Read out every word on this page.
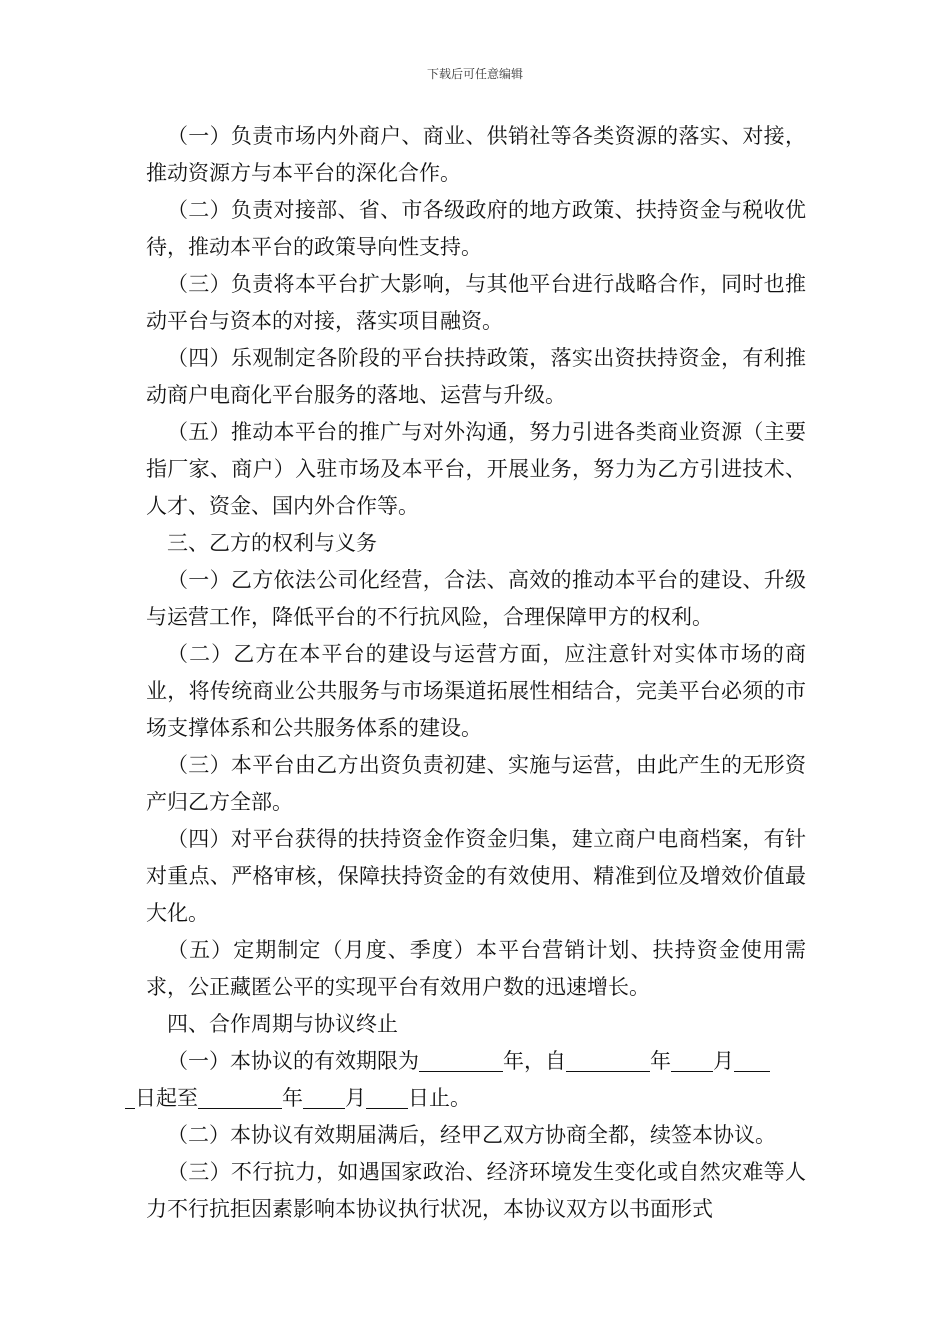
下载后可任意编辑

（一）负责市场内外商户、商业、供销社等各类资源的落实、对接，推动资源方与本平台的深化合作。

（二）负责对接部、省、市各级政府的地方政策、扶持资金与税收优待，推动本平台的政策导向性支持。

（三）负责将本平台扩大影响，与其他平台进行战略合作，同时也推动平台与资本的对接，落实项目融资。

（四）乐观制定各阶段的平台扶持政策，落实出资扶持资金，有利推动商户电商化平台服务的落地、运营与升级。

（五）推动本平台的推广与对外沟通，努力引进各类商业资源（主要指厂家、商户）入驻市场及本平台，开展业务，努力为乙方引进技术、人才、资金、国内外合作等。

三、乙方的权利与义务

（一）乙方依法公司化经营，合法、高效的推动本平台的建设、升级与运营工作，降低平台的不行抗风险，合理保障甲方的权利。

（二）乙方在本平台的建设与运营方面，应注意针对实体市场的商业，将传统商业公共服务与市场渠道拓展性相结合，完美平台必须的市场支撑体系和公共服务体系的建设。

（三）本平台由乙方出资负责初建、实施与运营，由此产生的无形资产归乙方全部。

（四）对平台获得的扶持资金作资金归集，建立商户电商档案，有针对重点、严格审核，保障扶持资金的有效使用、精准到位及增效价值最大化。

（五）定期制定（月度、季度）本平台营销计划、扶持资金使用需求，公正藏匿公平的实现平台有效用户数的迅速增长。

四、合作周期与协议终止

（一）本协议的有效期限为	年，自	年 月
日起至	年 月 日止。

（二）本协议有效期届满后，经甲乙双方协商全都，续签本协议。

（三）不行抗力，如遇国家政治、经济环境发生变化或自然灾难等人力不行抗拒因素影响本协议执行状况，本协议双方以书面形式
